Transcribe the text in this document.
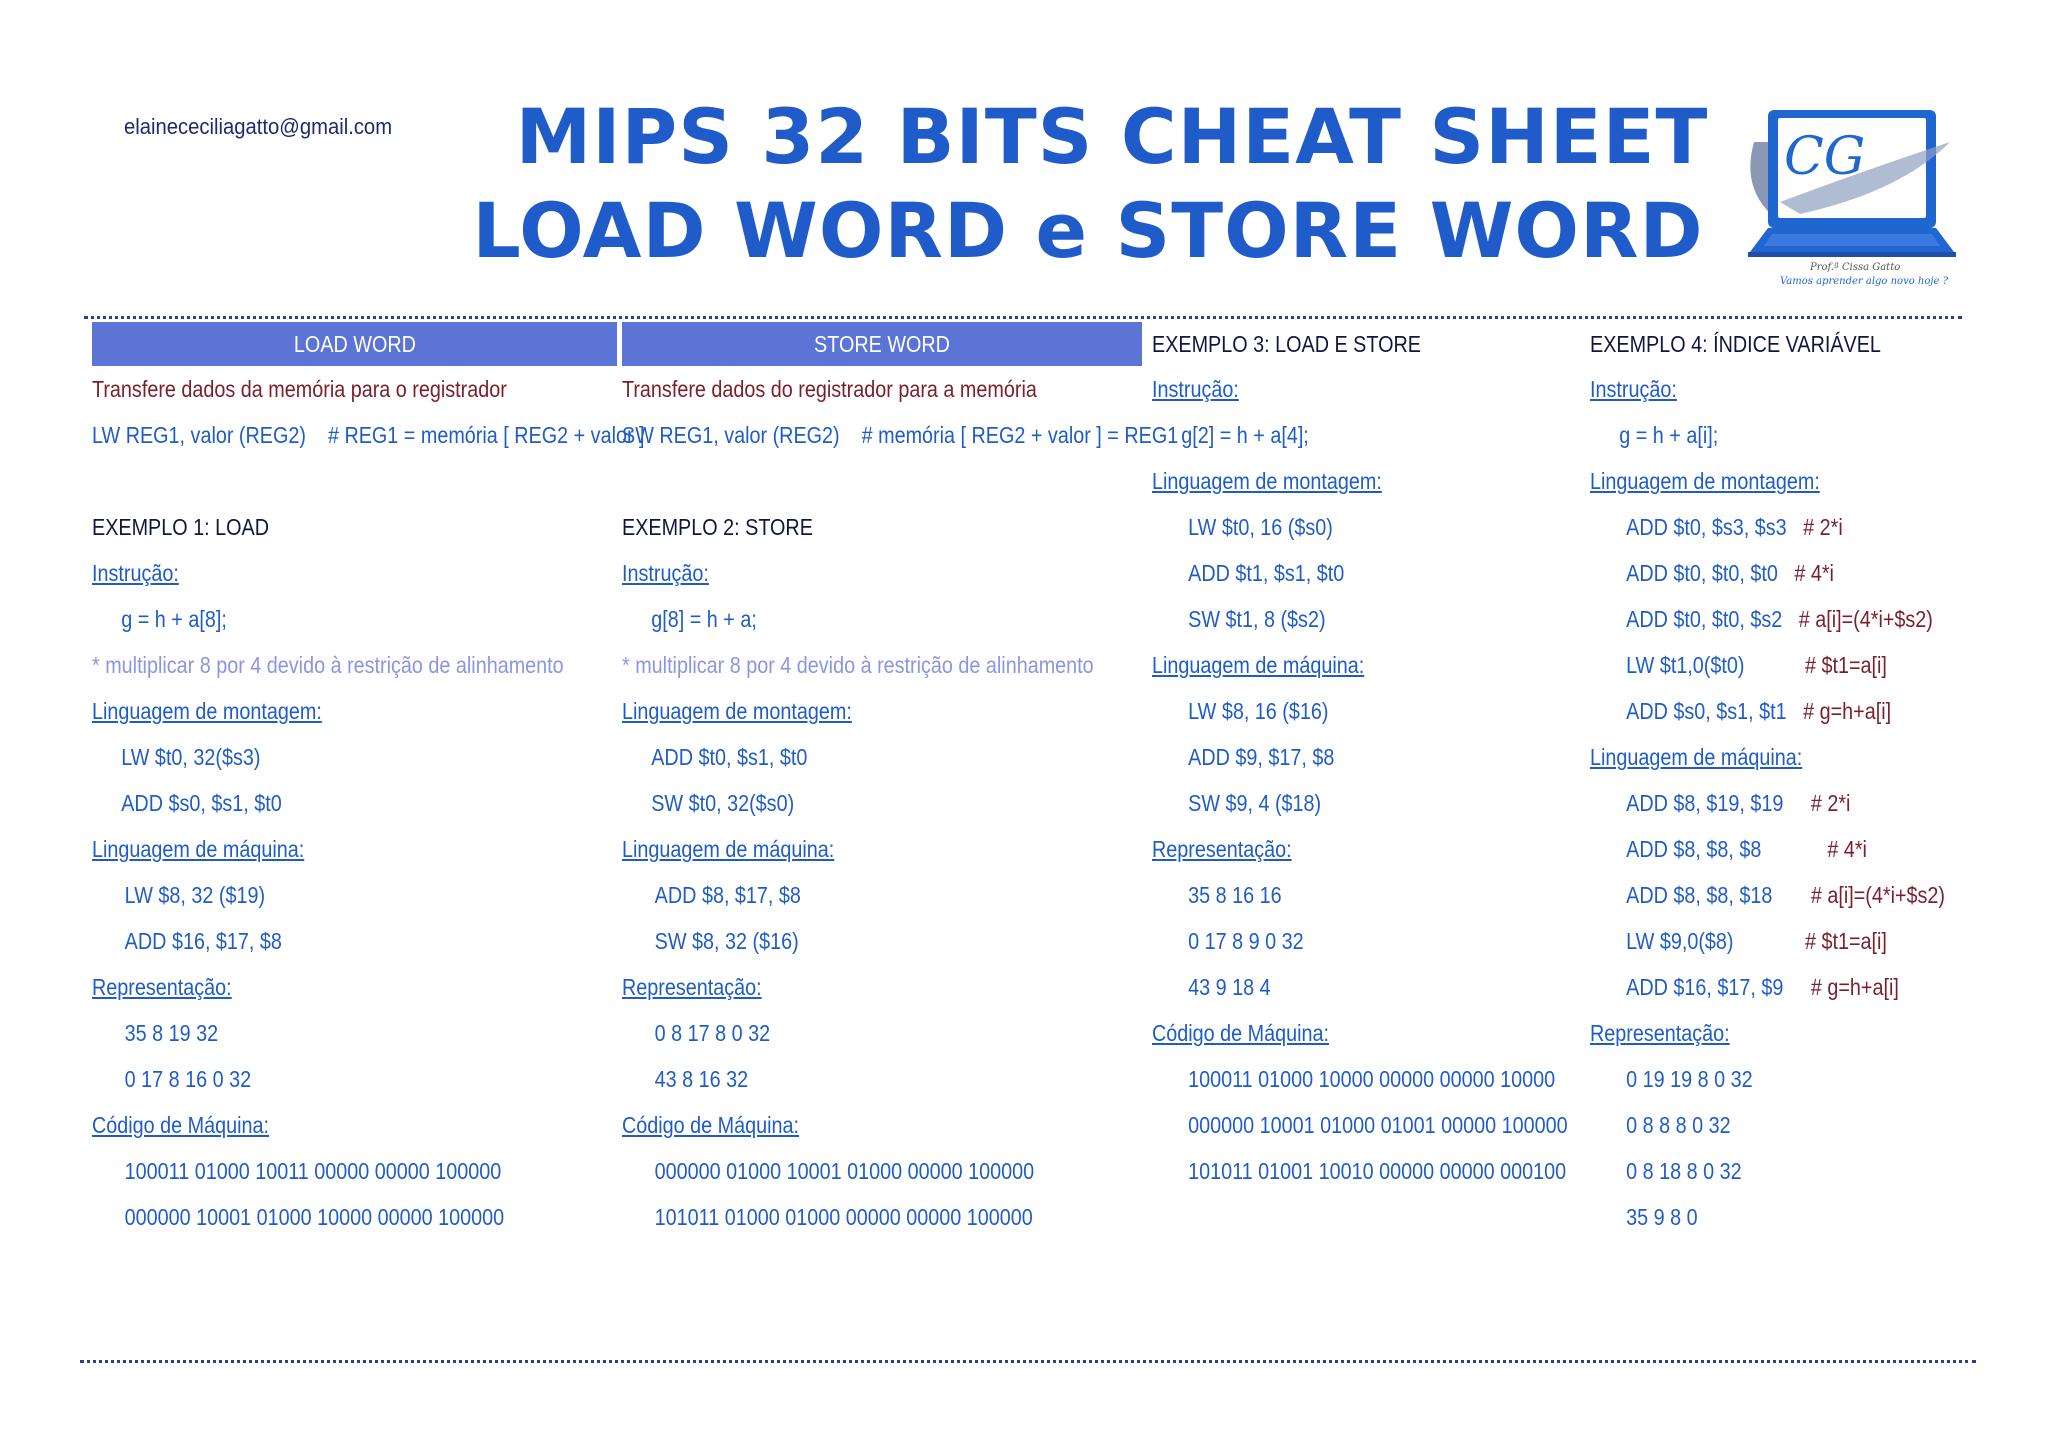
elainececiliagatto@gmail.com	MIPS 32 BITS CHEAT SHEET
LOAD WORD e STORE WORD
CG
Prof.ª Cissa Gatto
Vamos aprender algo novo hoje ?
LOAD WORD
Transfere dados da memória para o registrador
LW REG1, valor (REG2) # REG1 = memória [ REG2 + valor ]
EXEMPLO 1: LOAD
Instrução:
g = h + a[8];
* multiplicar 8 por 4 devido à restrição de alinhamento
Linguagem de montagem:
LW $t0, 32($s3)
ADD $s0, $s1, $t0
Linguagem de máquina:
LW $8, 32 ($19)
ADD $16, $17, $8
Representação:
35 8 19 32
0 17 8 16 0 32
Código de Máquina:
100011 01000 10011 00000 00000 100000
000000 10001 01000 10000 00000 100000
STORE WORD
Transfere dados do registrador para a memória
SW REG1, valor (REG2) # memória [ REG2 + valor ] = REG1
EXEMPLO 2: STORE
Instrução:
g[8] = h + a;
* multiplicar 8 por 4 devido à restrição de alinhamento
Linguagem de montagem:
ADD $t0, $s1, $t0
SW $t0, 32($s0)
Linguagem de máquina:
ADD $8, $17, $8
SW $8, 32 ($16)
Representação:
0 8 17 8 0 32
43 8 16 32
Código de Máquina:
000000 01000 10001 01000 00000 100000
101011 01000 01000 00000 00000 100000
EXEMPLO 3: LOAD E STORE
Instrução:
g[2] = h + a[4];
Linguagem de montagem:
LW $t0, 16 ($s0)
ADD $t1, $s1, $t0
SW $t1, 8 ($s2)
Linguagem de máquina:
LW $8, 16 ($16)
ADD $9, $17, $8
SW $9, 4 ($18)
Representação:
35 8 16 16
0 17 8 9 0 32
43 9 18 4
Código de Máquina:
100011 01000 10000 00000 00000 10000
000000 10001 01000 01001 00000 100000
101011 01001 10010 00000 00000 000100
EXEMPLO 4: ÍNDICE VARIÁVEL
Instrução:
g = h + a[i];
Linguagem de montagem:
ADD $t0, $s3, $s3 # 2*i
ADD $t0, $t0, $t0 # 4*i
ADD $t0, $t0, $s2 # a[i]=(4*i+$s2)
LW $t1,0($t0)	# $t1=a[i]
ADD $s0, $s1, $t1 # g=h+a[i]
Linguagem de máquina:
ADD $8, $19, $19 # 2*i
ADD $8, $8, $8	# 4*i
ADD $8, $8, $18 # a[i]=(4*i+$s2)
LW $9,0($8)	# $t1=a[i]
ADD $16, $17, $9 # g=h+a[i]
Representação:
0 19 19 8 0 32
0 8 8 8 0 32
0 8 18 8 0 32
35 9 8 0
